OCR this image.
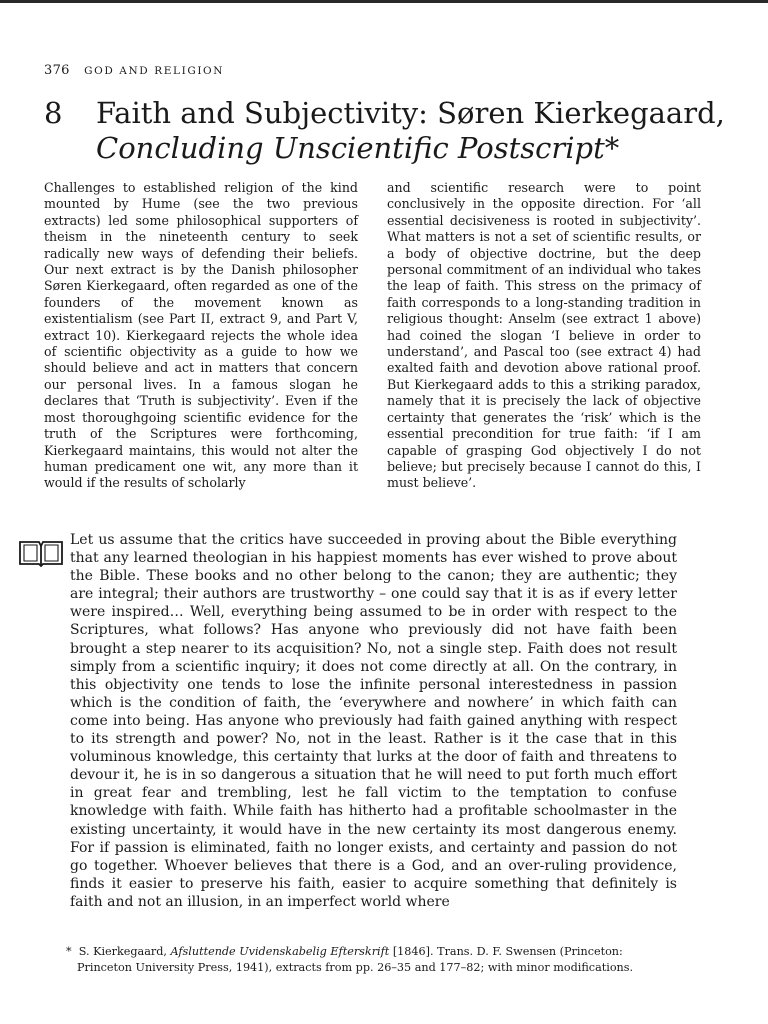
376 GOD AND RELIGION
8 Faith and Subjectivity: Søren Kierkegaard,
Concluding Unscientific Postscript*

Challenges to established religion of the kind mounted by Hume (see the two previous extracts) led some philosophical supporters of theism in the nineteenth century to seek radically new ways of defending their beliefs. Our next extract is by the Danish philosopher Søren Kierkegaard, often regarded as one of the founders of the movement known as existentialism (see Part II, extract 9, and Part V, extract 10). Kierkegaard rejects the whole idea of scientific objectivity as a guide to how we should believe and act in matters that concern our personal lives. In a famous slogan he declares that ‘Truth is subjectivity’. Even if the most thoroughgoing scientific evidence for the truth of the Scriptures were forthcoming, Kierkegaard maintains, this would not alter the human predicament one wit, any more than it would if the results of scholarly

and scientific research were to point conclusively in the opposite direction. For ‘all essential decisiveness is rooted in subjectivity’. What matters is not a set of scientific results, or a body of objective doctrine, but the deep personal commitment of an individual who takes the leap of faith. This stress on the primacy of faith corresponds to a long-standing tradition in religious thought: Anselm (see extract 1 above) had coined the slogan ‘I believe in order to understand’, and Pascal too (see extract 4) had exalted faith and devotion above rational proof. But Kierkegaard adds to this a striking paradox, namely that it is precisely the lack of objective certainty that generates the ‘risk’ which is the essential precondition for true faith: ‘if I am capable of grasping God objectively I do not believe; but precisely because I cannot do this, I must believe’.

Let us assume that the critics have succeeded in proving about the Bible everything that any learned theologian in his happiest moments has ever wished to prove about the Bible. These books and no other belong to the canon; they are authentic; they are integral; their authors are trustworthy – one could say that it is as if every letter were inspired… Well, everything being assumed to be in order with respect to the Scriptures, what follows? Has anyone who previously did not have faith been brought a step nearer to its acquisition? No, not a single step. Faith does not result simply from a scientific inquiry; it does not come directly at all. On the contrary, in this objectivity one tends to lose the infinite personal interestedness in passion which is the condition of faith, the ‘everywhere and nowhere’ in which faith can come into being. Has anyone who previously had faith gained anything with respect to its strength and power? No, not in the least. Rather is it the case that in this voluminous knowledge, this certainty that lurks at the door of faith and threatens to devour it, he is in so dangerous a situation that he will need to put forth much effort in great fear and trembling, lest he fall victim to the temptation to confuse knowledge with faith. While faith has hitherto had a profitable schoolmaster in the existing uncertainty, it would have in the new certainty its most dangerous enemy. For if passion is eliminated, faith no longer exists, and certainty and passion do not go together. Whoever believes that there is a God, and an over-ruling providence, finds it easier to preserve his faith, easier to acquire something that definitely is faith and not an illusion, in an imperfect world where

* S. Kierkegaard, Afsluttende Uvidenskabelig Efterskrift [1846]. Trans. D. F. Swensen (Princeton: Princeton University Press, 1941), extracts from pp. 26–35 and 177–82; with minor modifications.
